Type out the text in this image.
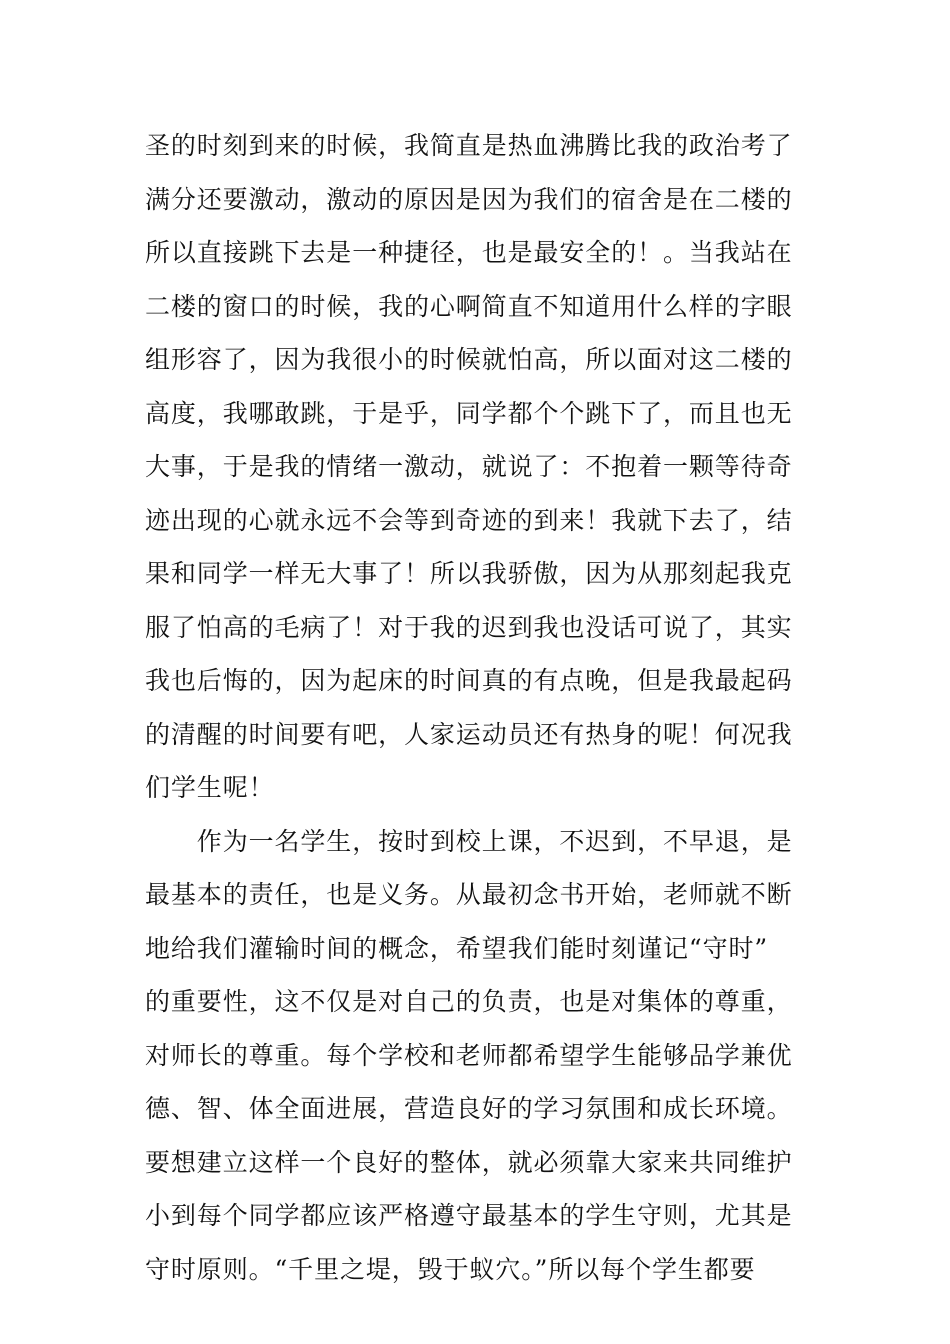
圣的时刻到来的时候，我简直是热血沸腾比我的政治考了
满分还要激动，激动的原因是因为我们的宿舍是在二楼的
所以直接跳下去是一种捷径，也是最安全的！。当我站在
二楼的窗口的时候，我的心啊简直不知道用什么样的字眼
组形容了，因为我很小的时候就怕高，所以面对这二楼的
高度，我哪敢跳，于是乎，同学都个个跳下了，而且也无
大事，于是我的情绪一激动，就说了：不抱着一颗等待奇
迹出现的心就永远不会等到奇迹的到来！我就下去了，结
果和同学一样无大事了！所以我骄傲，因为从那刻起我克
服了怕高的毛病了！对于我的迟到我也没话可说了，其实
我也后悔的，因为起床的时间真的有点晚，但是我最起码
的清醒的时间要有吧，人家运动员还有热身的呢！何况我
们学生呢！
　　作为一名学生，按时到校上课，不迟到，不早退，是
最基本的责任，也是义务。从最初念书开始，老师就不断
地给我们灌输时间的概念，希望我们能时刻谨记“守时”
的重要性，这不仅是对自己的负责，也是对集体的尊重，
对师长的尊重。每个学校和老师都希望学生能够品学兼优
德、智、体全面进展，营造良好的学习氛围和成长环境。
要想建立这样一个良好的整体，就必须靠大家来共同维护
小到每个同学都应该严格遵守最基本的学生守则，尤其是
守时原则。“千里之堤，毁于蚁穴。”所以每个学生都要
